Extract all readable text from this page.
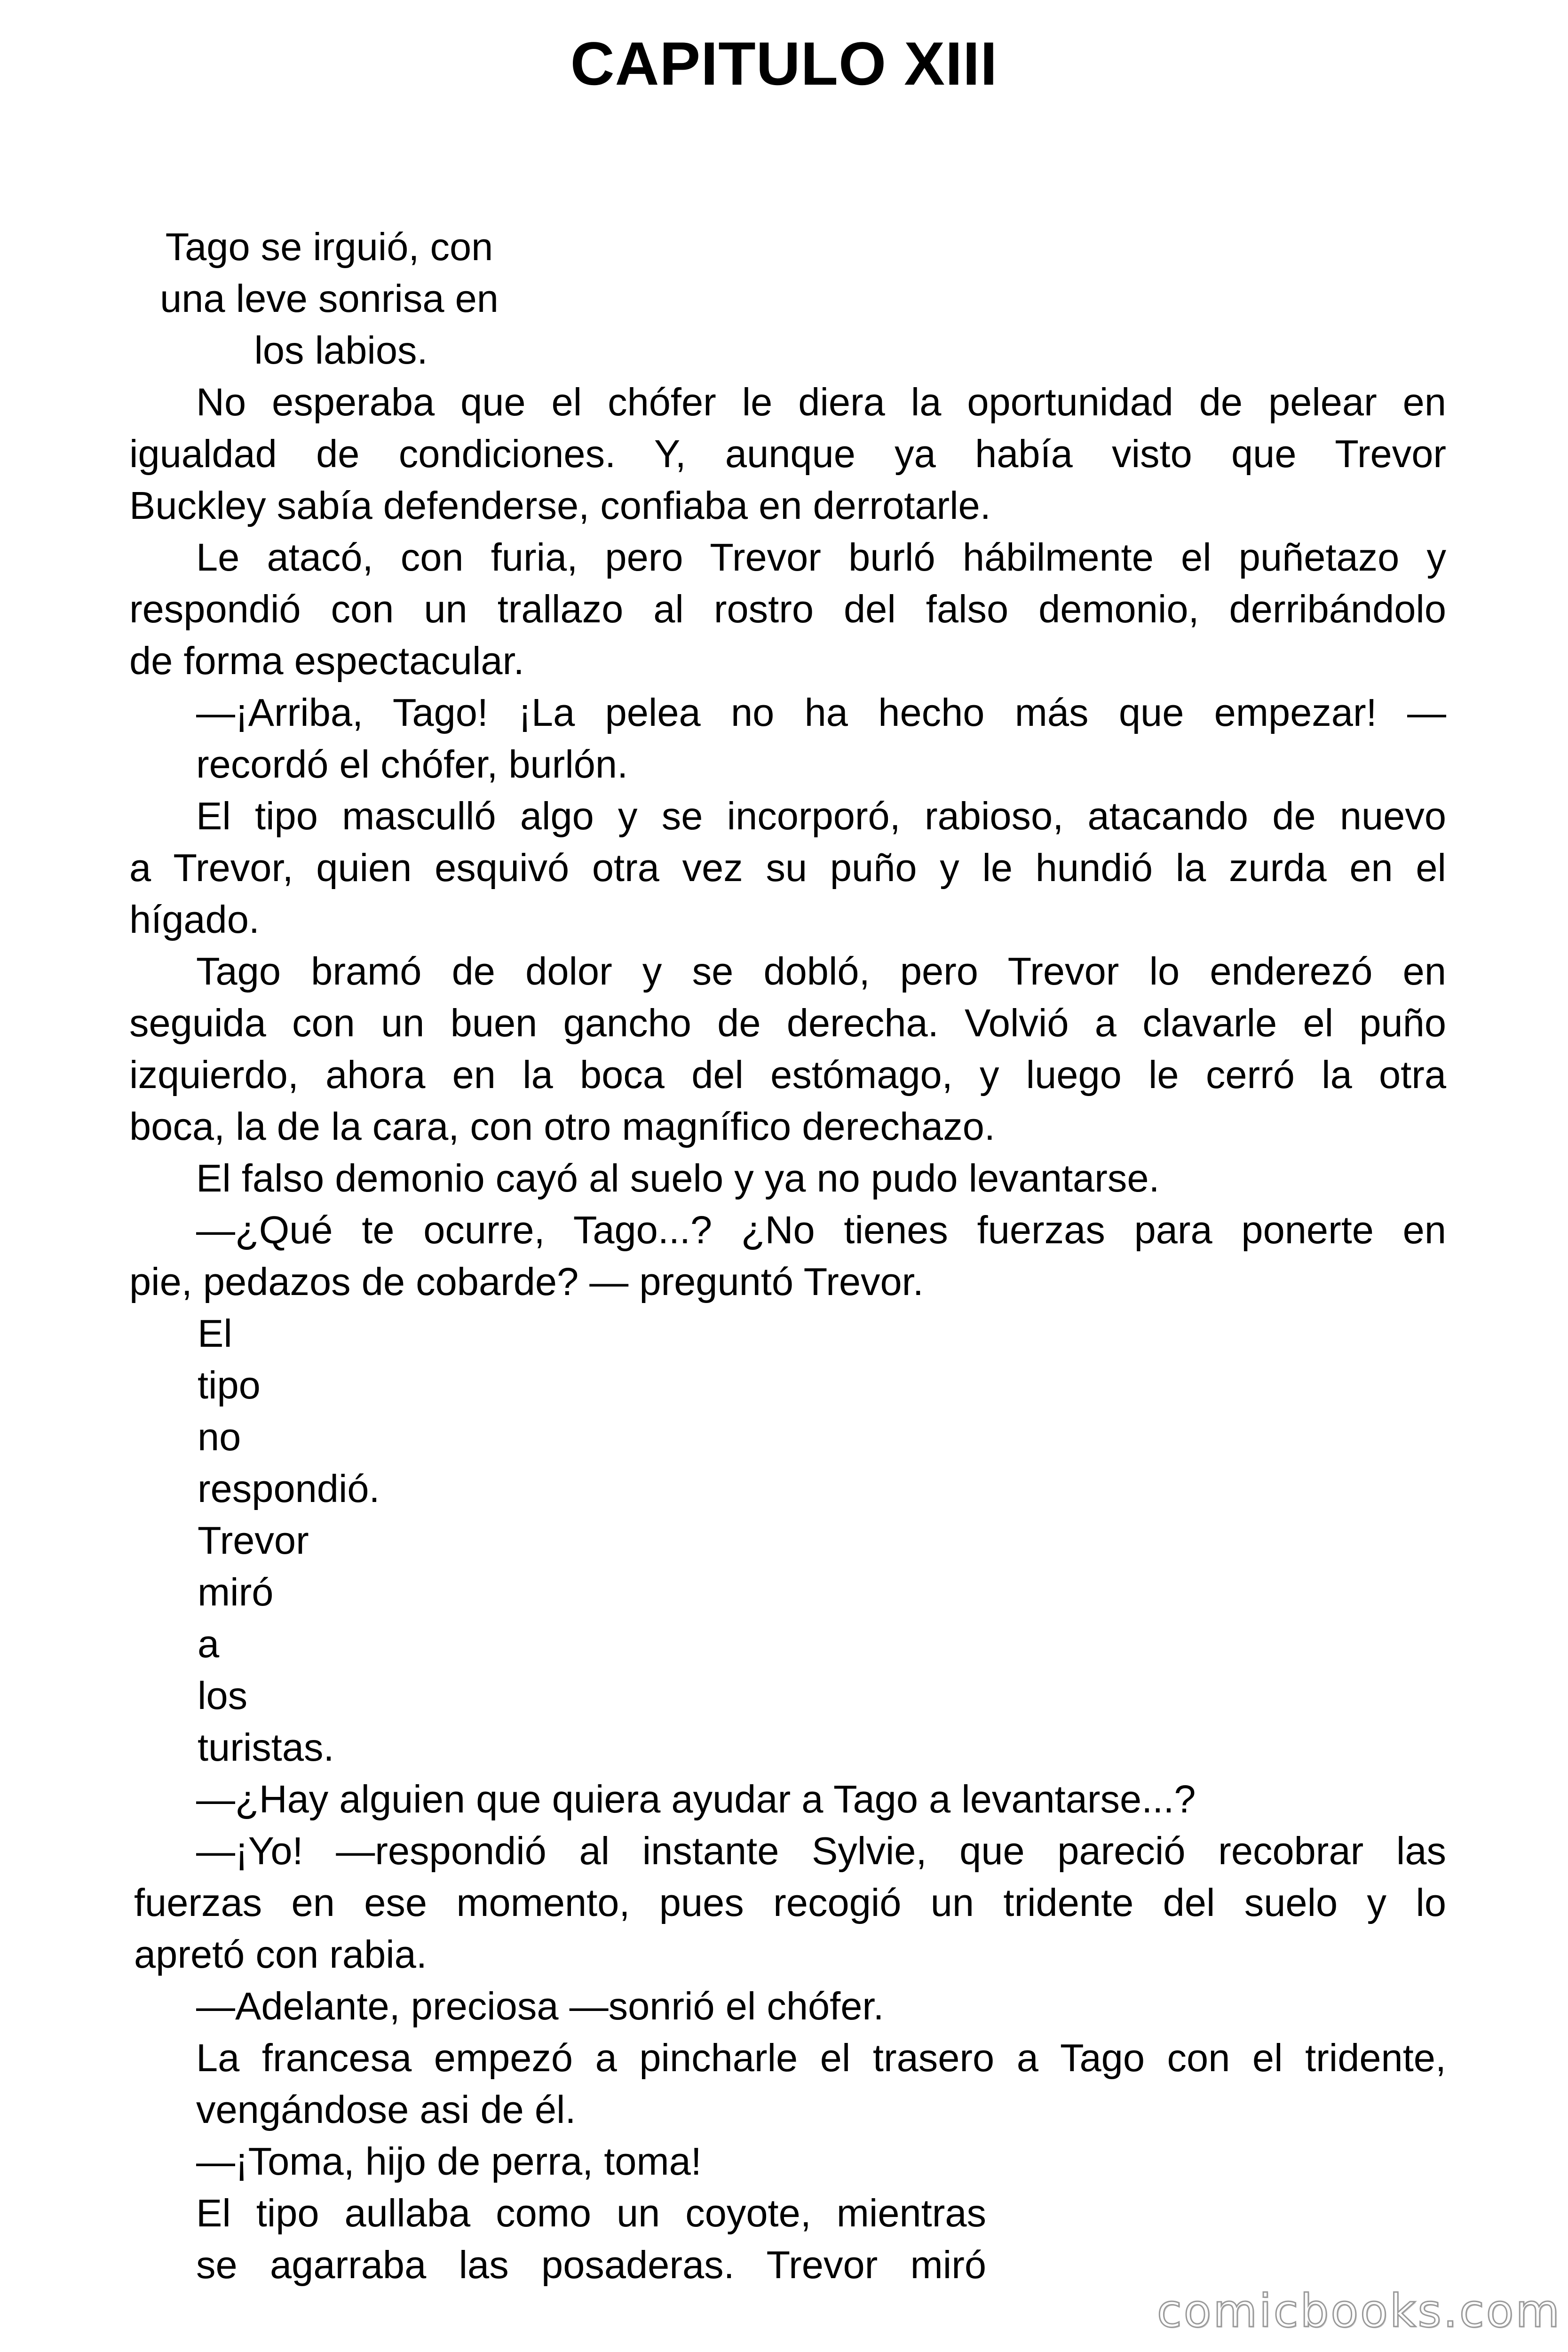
CAPITULO XIII
Tago se irguió, con
una leve sonrisa en
los labios.
No esperaba que el chófer le diera la oportunidad de pelear en
igualdad de condiciones. Y, aunque ya había visto que Trevor
Buckley sabía defenderse, confiaba en derrotarle.
Le atacó, con furia, pero Trevor burló hábilmente el puñetazo y
respondió con un trallazo al rostro del falso demonio, derribándolo
de forma espectacular.
—¡Arriba, Tago! ¡La pelea no ha hecho más que empezar! —
recordó el chófer, burlón.
El tipo masculló algo y se incorporó, rabioso, atacando de nuevo
a Trevor, quien esquivó otra vez su puño y le hundió la zurda en el
hígado.
Tago bramó de dolor y se dobló, pero Trevor lo enderezó en
seguida con un buen gancho de derecha. Volvió a clavarle el puño
izquierdo, ahora en la boca del estómago, y luego le cerró la otra
boca, la de la cara, con otro magnífico derechazo.
El falso demonio cayó al suelo y ya no pudo levantarse.
—¿Qué te ocurre, Tago...? ¿No tienes fuerzas para ponerte en
pie, pedazos de cobarde? — preguntó Trevor.
El
tipo
no
respondió.
Trevor
miró
a
los
turistas.
—¿Hay alguien que quiera ayudar a Tago a levantarse...?
—¡Yo! —respondió al instante Sylvie, que pareció recobrar las
fuerzas en ese momento, pues recogió un tridente del suelo y lo
apretó con rabia.
—Adelante, preciosa —sonrió el chófer.
La francesa empezó a pincharle el trasero a Tago con el tridente,
vengándose asi de él.
—¡Toma, hijo de perra, toma!
El tipo aullaba como un coyote, mientras
se agarraba las posaderas. Trevor miró
comicbooks.com
